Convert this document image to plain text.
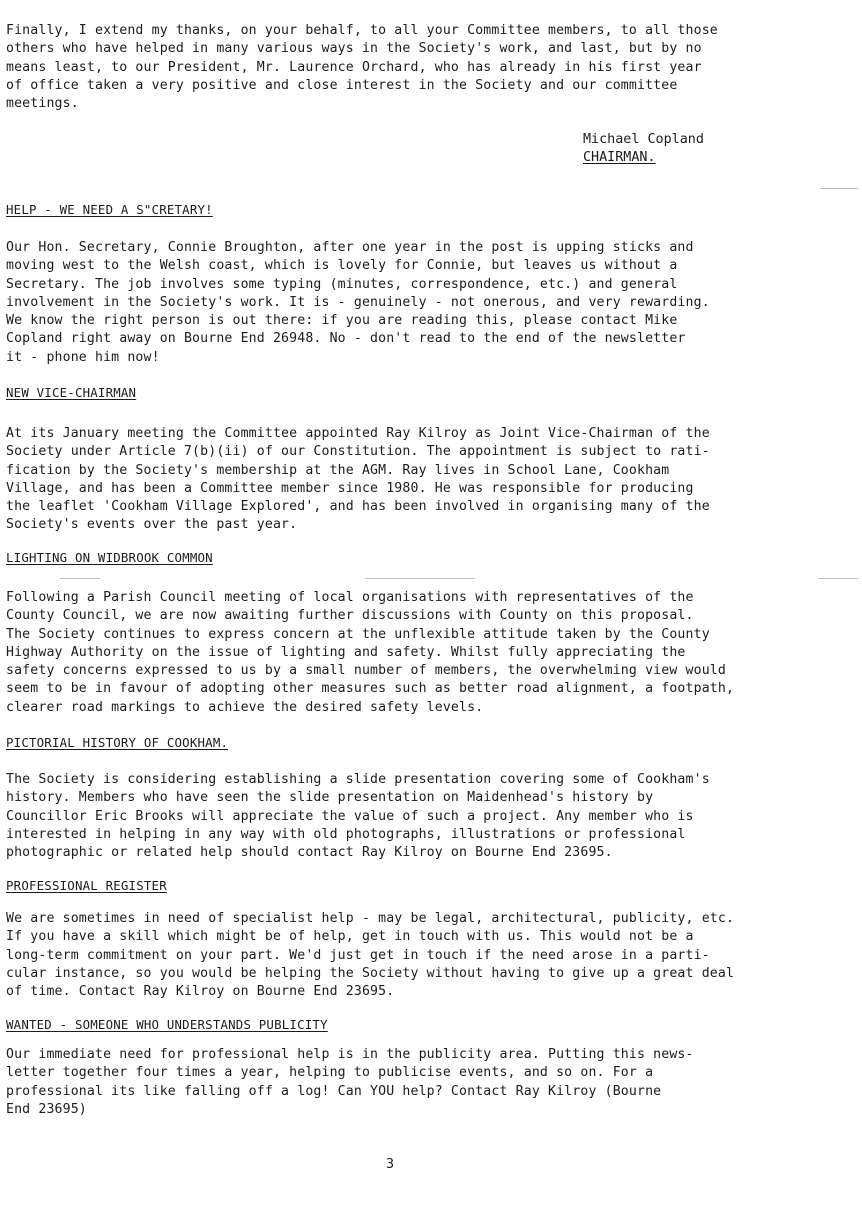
Finally, I extend my thanks, on your behalf, to all your Committee members, to all those
others who have helped in many various ways in the Society's work, and last, but by no
means least, to our President, Mr. Laurence Orchard, who has already in his first year
of office taken a very positive and close interest in the Society and our committee
meetings.

Michael Copland
CHAIRMAN.
HELP - WE NEED A S"CRETARY!

Our Hon. Secretary, Connie Broughton, after one year in the post is upping sticks and
moving west to the Welsh coast, which is lovely for Connie, but leaves us without a
Secretary. The job involves some typing (minutes, correspondence, etc.) and general
involvement in the Society's work. It is - genuinely - not onerous, and very rewarding.
We know the right person is out there: if you are reading this, please contact Mike
Copland right away on Bourne End 26948. No - don't read to the end of the newsletter
it - phone him now!

NEW VICE-CHAIRMAN

At its January meeting the Committee appointed Ray Kilroy as Joint Vice-Chairman of the
Society under Article 7(b)(ii) of our Constitution. The appointment is subject to rati-
fication by the Society's membership at the AGM. Ray lives in School Lane, Cookham
Village, and has been a Committee member since 1980. He was responsible for producing
the leaflet 'Cookham Village Explored', and has been involved in organising many of the
Society's events over the past year.

LIGHTING ON WIDBROOK COMMON

Following a Parish Council meeting of local organisations with representatives of the
County Council, we are now awaiting further discussions with County on this proposal.
The Society continues to express concern at the unflexible attitude taken by the County
Highway Authority on the issue of lighting and safety. Whilst fully appreciating the
safety concerns expressed to us by a small number of members, the overwhelming view would
seem to be in favour of adopting other measures such as better road alignment, a footpath,
clearer road markings to achieve the desired safety levels.

PICTORIAL HISTORY OF COOKHAM.

The Society is considering establishing a slide presentation covering some of Cookham's
history. Members who have seen the slide presentation on Maidenhead's history by
Councillor Eric Brooks will appreciate the value of such a project. Any member who is
interested in helping in any way with old photographs, illustrations or professional
photographic or related help should contact Ray Kilroy on Bourne End 23695.

PROFESSIONAL REGISTER

We are sometimes in need of specialist help - may be legal, architectural, publicity, etc.
If you have a skill which might be of help, get in touch with us. This would not be a
long-term commitment on your part. We'd just get in touch if the need arose in a parti-
cular instance, so you would be helping the Society without having to give up a great deal
of time. Contact Ray Kilroy on Bourne End 23695.

WANTED - SOMEONE WHO UNDERSTANDS PUBLICITY

Our immediate need for professional help is in the publicity area. Putting this news-
letter together four times a year, helping to publicise events, and so on. For a
professional its like falling off a log! Can YOU help? Contact Ray Kilroy (Bourne
End 23695)

3
